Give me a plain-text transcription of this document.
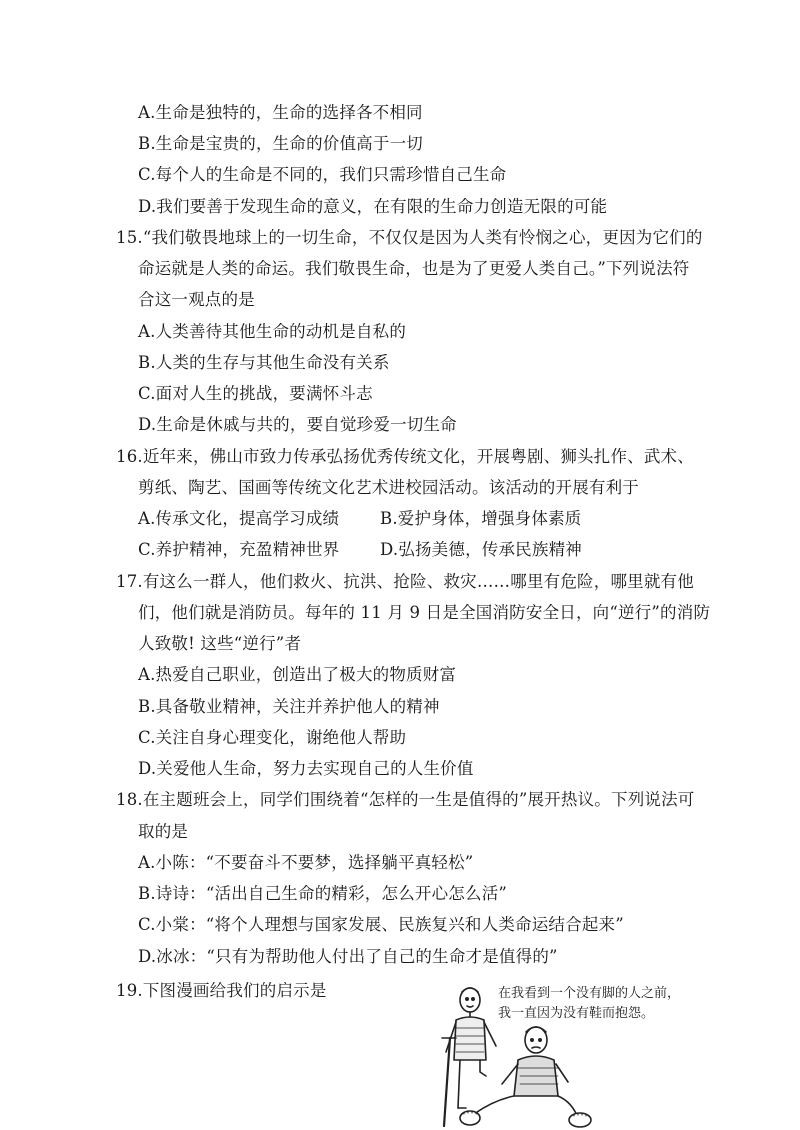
A.生命是独特的，生命的选择各不相同
B.生命是宝贵的，生命的价值高于一切
C.每个人的生命是不同的，我们只需珍惜自己生命
D.我们要善于发现生命的意义，在有限的生命力创造无限的可能
15.“我们敬畏地球上的一切生命，不仅仅是因为人类有怜悯之心，更因为它们的
命运就是人类的命运。我们敬畏生命，也是为了更爱人类自己。”下列说法符
合这一观点的是
A.人类善待其他生命的动机是自私的
B.人类的生存与其他生命没有关系
C.面对人生的挑战，要满怀斗志
D.生命是休戚与共的，要自觉珍爱一切生命
16.近年来，佛山市致力传承弘扬优秀传统文化，开展粤剧、狮头扎作、武术、
剪纸、陶艺、国画等传统文化艺术进校园活动。该活动的开展有利于
A.传承文化，提高学习成绩 B.爱护身体，增强身体素质
C.养护精神，充盈精神世界 D.弘扬美德，传承民族精神
17.有这么一群人，他们救火、抗洪、抢险、救灾……哪里有危险，哪里就有他
们，他们就是消防员。每年的 11 月 9 日是全国消防安全日，向“逆行”的消防
人致敬! 这些“逆行”者
A.热爱自己职业，创造出了极大的物质财富
B.具备敬业精神，关注并养护他人的精神
C.关注自身心理变化，谢绝他人帮助
D.关爱他人生命，努力去实现自己的人生价值
18.在主题班会上，同学们围绕着“怎样的一生是值得的”展开热议。下列说法可
取的是
A.小陈：“不要奋斗不要梦，选择躺平真轻松”
B.诗诗：“活出自己生命的精彩，怎么开心怎么活”
C.小棠：“将个人理想与国家发展、民族复兴和人类命运结合起来”
D.冰冰：“只有为帮助他人付出了自己的生命才是值得的”
19.下图漫画给我们的启示是	在我看到一个没有脚的人之前，
我一直因为没有鞋而抱怨。
